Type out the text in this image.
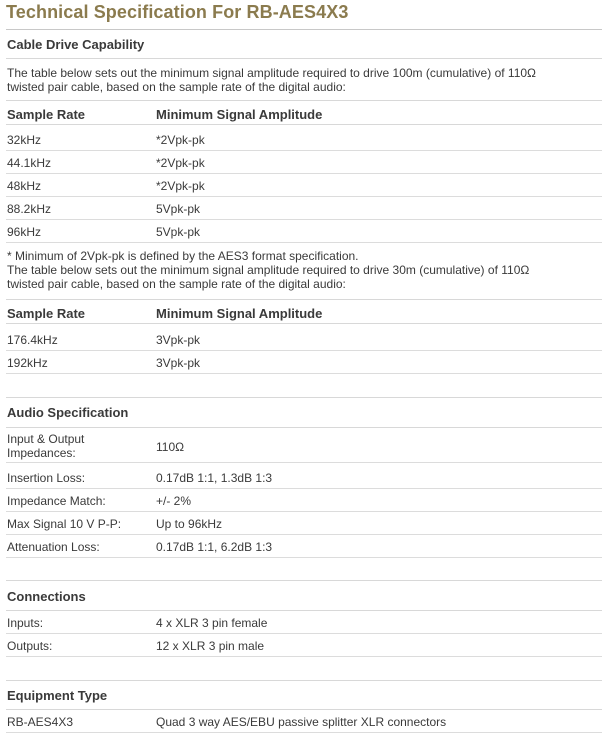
Technical Specification For RB-AES4X3
Cable Drive Capability
The table below sets out the minimum signal amplitude required to drive 100m (cumulative) of 110Ω
twisted pair cable, based on the sample rate of the digital audio:
Sample Rate	Minimum Signal Amplitude
32kHz	*2Vpk-pk
44.1kHz	*2Vpk-pk
48kHz	*2Vpk-pk
88.2kHz	5Vpk-pk
96kHz	5Vpk-pk
* Minimum of 2Vpk-pk is defined by the AES3 format specification.
The table below sets out the minimum signal amplitude required to drive 30m (cumulative) of 110Ω
twisted pair cable, based on the sample rate of the digital audio:
Sample Rate	Minimum Signal Amplitude
176.4kHz	3Vpk-pk
192kHz	3Vpk-pk
Audio Specification
Input & Output Impedances:	110Ω
Insertion Loss:	0.17dB 1:1, 1.3dB 1:3
Impedance Match:	+/- 2%
Max Signal 10 V P-P:	Up to 96kHz
Attenuation Loss:	0.17dB 1:1, 6.2dB 1:3
Connections
Inputs:	4 x XLR 3 pin female
Outputs:	12 x XLR 3 pin male
Equipment Type
RB-AES4X3	Quad 3 way AES/EBU passive splitter XLR connectors
